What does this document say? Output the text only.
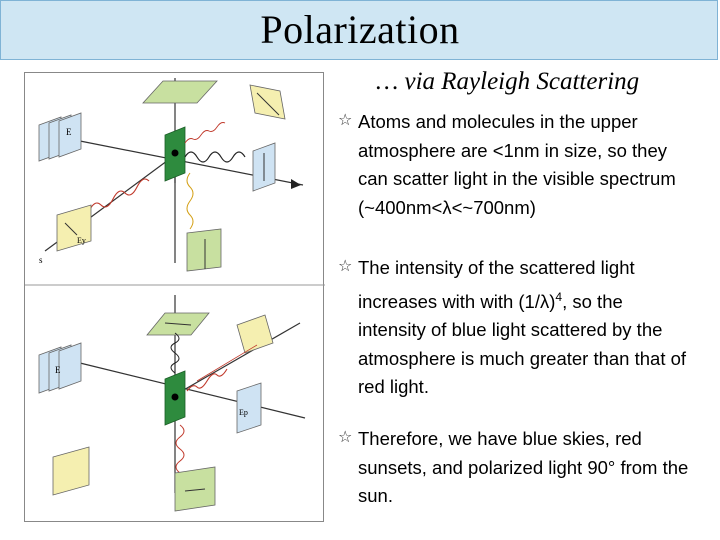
Polarization
… via Rayleigh Scattering
E
Ey
s
E
Ep
☆ Atoms and molecules in the upper atmosphere are <1nm in size, so they can scatter light in the visible spectrum (~400nm<λ<~700nm)
☆ The intensity of the scattered light increases with with $(1/\lambda)^4$, so the intensity of blue light scattered by the atmosphere is much greater than that of red light.
☆ Therefore, we have blue skies, red sunsets, and polarized light 90° from the sun.
